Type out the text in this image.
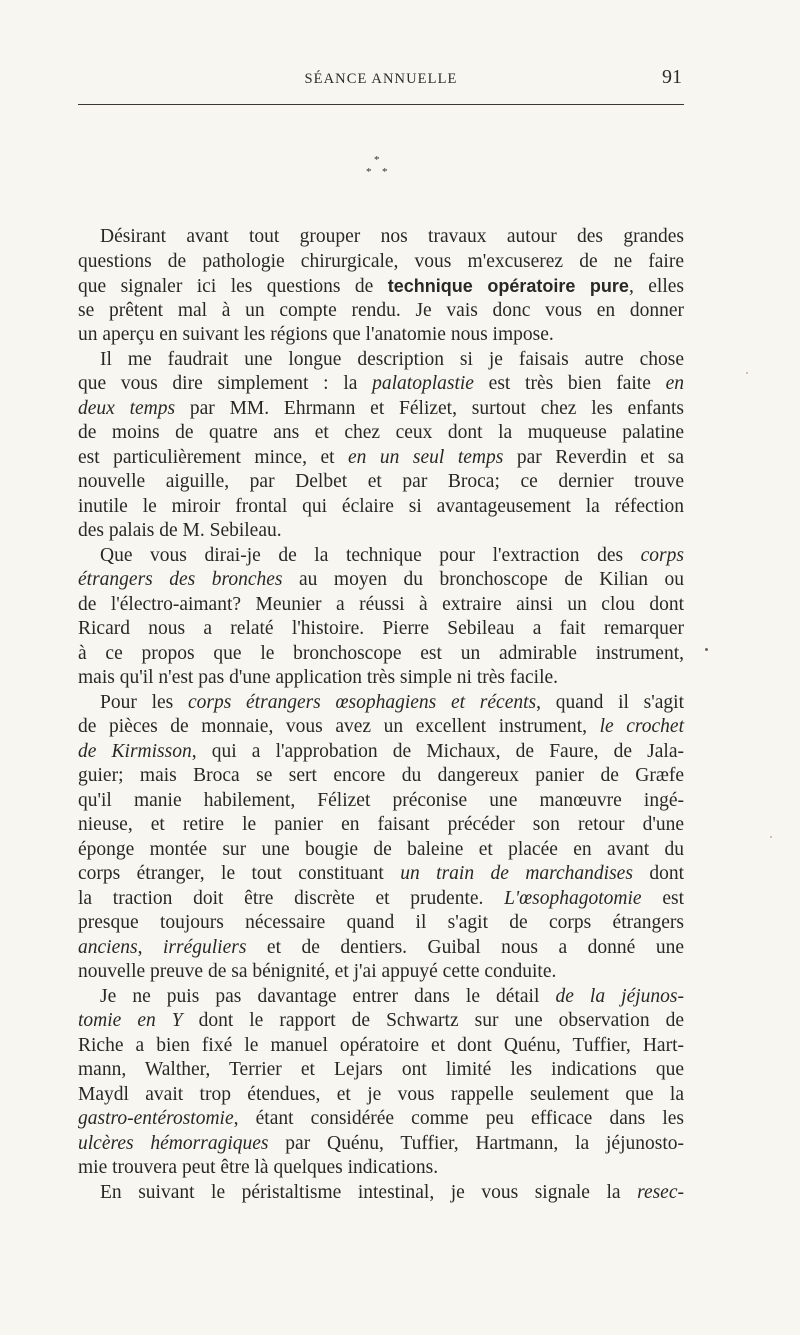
SÉANCE ANNUELLE	91
*
* *
Désirant avant tout grouper nos travaux autour des grandes
questions de pathologie chirurgicale, vous m'excuserez de ne faire
que signaler ici les questions de technique opératoire pure, elles
se prêtent mal à un compte rendu. Je vais donc vous en donner
un aperçu en suivant les régions que l'anatomie nous impose.
Il me faudrait une longue description si je faisais autre chose
que vous dire simplement : la palatoplastie est très bien faite en
deux temps par MM. Ehrmann et Félizet, surtout chez les enfants
de moins de quatre ans et chez ceux dont la muqueuse palatine
est particulièrement mince, et en un seul temps par Reverdin et sa
nouvelle aiguille, par Delbet et par Broca; ce dernier trouve
inutile le miroir frontal qui éclaire si avantageusement la réfection
des palais de M. Sebileau.
Que vous dirai-je de la technique pour l'extraction des corps
étrangers des bronches au moyen du bronchoscope de Kilian ou
de l'électro-aimant? Meunier a réussi à extraire ainsi un clou dont
Ricard nous a relaté l'histoire. Pierre Sebileau a fait remarquer
à ce propos que le bronchoscope est un admirable instrument,
mais qu'il n'est pas d'une application très simple ni très facile.
Pour les corps étrangers œsophagiens et récents, quand il s'agit
de pièces de monnaie, vous avez un excellent instrument, le crochet
de Kirmisson, qui a l'approbation de Michaux, de Faure, de Jala-
guier; mais Broca se sert encore du dangereux panier de Græfe
qu'il manie habilement, Félizet préconise une manœuvre ingé-
nieuse, et retire le panier en faisant précéder son retour d'une
éponge montée sur une bougie de baleine et placée en avant du
corps étranger, le tout constituant un train de marchandises dont
la traction doit être discrète et prudente. L'œsophagotomie est
presque toujours nécessaire quand il s'agit de corps étrangers
anciens, irréguliers et de dentiers. Guibal nous a donné une
nouvelle preuve de sa bénignité, et j'ai appuyé cette conduite.
Je ne puis pas davantage entrer dans le détail de la jéjunos-
tomie en Y dont le rapport de Schwartz sur une observation de
Riche a bien fixé le manuel opératoire et dont Quénu, Tuffier, Hart-
mann, Walther, Terrier et Lejars ont limité les indications que
Maydl avait trop étendues, et je vous rappelle seulement que la
gastro-entérostomie, étant considérée comme peu efficace dans les
ulcères hémorragiques par Quénu, Tuffier, Hartmann, la jéjunosto-
mie trouvera peut être là quelques indications.
En suivant le péristaltisme intestinal, je vous signale la resec-
